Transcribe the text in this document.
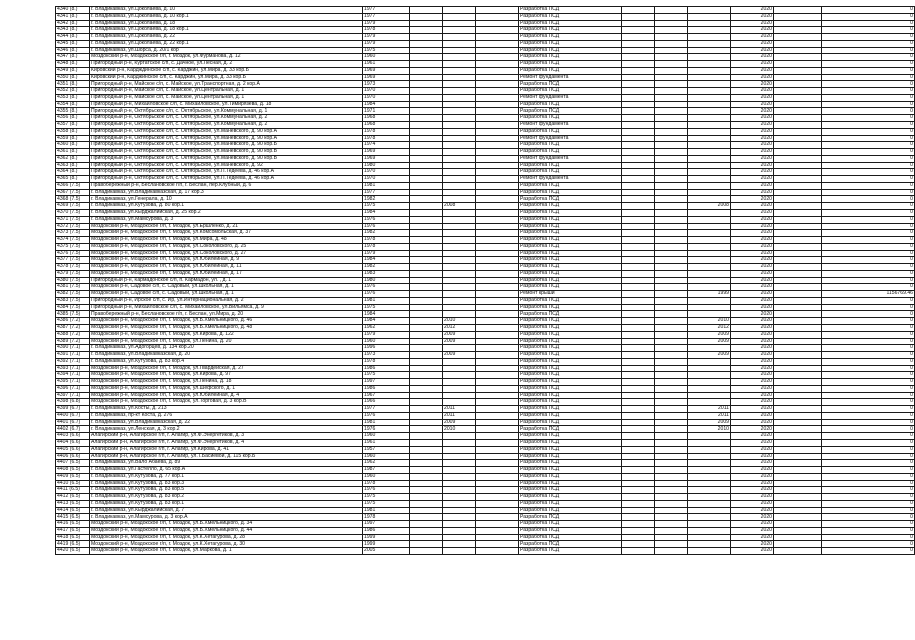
4340 (8.)	г. Владикавказ, ул.Цоколаева, д. 10	1977				Разработка ПСД				2020		0
4341 (8.)	г. Владикавказ, ул.Цоколаева, д. 10 кор.1	1977				Разработка ПСД				2020		0
4342 (8.)	г. Владикавказ, ул.Цоколаева, д. 18	1979				Разработка ПСД				2020		0
4343 (8.)	г. Владикавказ, ул.Цоколаева, д. 18 кор.1	1978				Разработка ПСД				2020		0
4344 (8.)	г. Владикавказ, ул.Цоколаева, д. 22	1979				Разработка ПСД				2020		0
4345 (8.)	г. Владикавказ, ул.Цоколаева, д. 22 кор.1	1979				Разработка ПСД				2020		0
4346 (8.)	г. Владикавказ, ул.Шорса, д. 20/1 кор	1975				Разработка ПСД				2020		0
4347 (8.)	Моздокский р-н, Моздокское г/п, г. Моздок, ул.Фурманова, д. 12	1960				Разработка ПСД				2020		0
4348 (8.)	Пригородный р-н, Куртатское с/п, с. Дачное, ул.Лесная, д. 2	1961				Разработка ПСД				2020		0
4349 (8.)	Кировский р-н, Кардждинское с/п, с. Карджин, ул.Мира, д. 33 кор.Б	1969				Разработка ПСД				2020		0
4350 (8.)	Кировский р-н, Карджинское с/п, с. Карджин, ул.Мира, д. 33 кор.Б	1969				Ремонт фундамента				2020		0
4351 (8.)	Пригородный р-н, Майское с/п, с. Майское, ул.Транспортная, д. 2 кор.А	1973				Разработка ПСД				2020		0
4352 (8.)	Пригородный р-н, Майское с/п, с. Майское, ул.Центральная, д. 1	1970				Разработка ПСД				2020		0
4353 (8.)	Пригородный р-н, Майское с/п, с. Майское, ул.Центральная, д. 1	1970				Ремонт фундамента				2020		0
4354 (8.)	Пригородный р-н, Михайловское с/п, с. Михайловское, ул.Тимирязева, д. 18	1984				Разработка ПСД				2020		0
4355 (8.)	Пригородный р-н, Октябрьское с/п, с. Октябрьское, ул.Коммунальная, д. 1	1971				Разработка ПСД				2020		0
4356 (8.)	Пригородный р-н, Октябрьское с/п, с. Октябрьское, ул.Коммунальная, д. 2	1968				Разработка ПСД				2020		0
4357 (8.)	Пригородный р-н, Октябрьское с/п, с. Октябрьское, ул.Коммунальная, д. 2	1968				Ремонт фундамента				2020		0
4358 (8.)	Пригородный р-н, Октябрьское с/п, с. Октябрьское, ул.Маневского, д. 90 кор.А	1978				Разработка ПСД				2020		0
4359 (8.)	Пригородный р-н, Октябрьское с/п, с. Октябрьское, ул.Маневского, д. 90 кор.А	1978				Ремонт фундамента				2020		0
4360 (8.)	Пригородный р-н, Октябрьское с/п, с. Октябрьское, ул.Маневского, д. 90 кор.Б	1974				Разработка ПСД				2020		0
4361 (8.)	Пригородный р-н, Октябрьское с/п, с. Октябрьское, ул.Маневского, д. 90 кор.В	1969				Разработка ПСД				2020		0
4362 (8.)	Пригородный р-н, Октябрьское с/п, с. Октябрьское, ул.Маневского, д. 90 кор.В	1969				Ремонт фундамента				2020		0
4363 (8.)	Пригородный р-н, Октябрьское с/п, с. Октябрьское, ул.Маневского, д. 92	1980				Разработка ПСД				2020		0
4364 (8.)	Пригородный р-н, Октябрьское с/п, с. Октябрьское, ул.П.Тедеева, д. 46 кор.А	1970				Разработка ПСД				2020		0
4365 (8.)	Пригородный р-н, Октябрьское с/п, с. Октябрьское, ул.П.Тедеева, д. 46 кор.А	1970				Ремонт фундамента				2020		0
4366 (7.5)	Правобережный р-н, Беслановское г/п, г. Беслан, пер.Клубный, д. 6	1981				Разработка ПСД				2020		0
4367 (7.5)	г. Владикавказ, ул.Владикавказская, д. 17 кор.3	1977				Разработка ПСД				2020		0
4368 (7.5)	г. Владикавказ, ул.Генерала, д. 10	1982				Разработка ПСД				2020		0
4369 (7.5)	г. Владикавказ, ул.Кутузова, д. 80 кор.1	1975		2008		Разработка ПСД			2008	2020		0
4370 (7.5)	г. Владикавказ, ул.Кырджалийская, д. 25 кор.2	1984				Разработка ПСД				2020		0
4371 (7.5)	г. Владикавказ, ул.Мамсурова, д. 3	1976				Разработка ПСД				2020		0
4372 (7.5)	Моздокский р-н, Моздокское г/п, г. Моздок, ул.Ершленко, д. 21	1976				Разработка ПСД				2020		0
4373 (7.5)	Моздокский р-н, Моздокское г/п, г. Моздок, ул.Комсомольская, д. 37	1982				Разработка ПСД				2020		0
4374 (7.5)	Моздокский р-н, Моздокское г/п, г. Моздок, ул.Мира, д. 48	1978				Разработка ПСД				2020		0
4375 (7.5)	Моздокский р-н, Моздокское г/п, г. Моздок, ул.Соколовского, д. 25	1978				Разработка ПСД				2020		0
4376 (7.5)	Моздокский р-н, Моздокское г/п, г. Моздок, ул.Соколовского, д. 27	1979				Разработка ПСД				2020		0
4377 (7.5)	Моздокский р-н, Моздокское г/п, г. Моздок, ул.Юбилейная, д. 9	1984				Разработка ПСД				2020		0
4378 (7.5)	Моздокский р-н, Моздокское г/п, г. Моздок, ул.Юбилейная, д. 11	1982				Разработка ПСД				2020		0
4379 (7.5)	Моздокский р-н, Моздокское г/п, г. Моздок, ул.Юбилейная, д. 17	1983				Разработка ПСД				2020		0
4380 (7.5)	Пригородный р-н, Кармадонское с/п, п. Кармадон, ул. , д. 1	1980				Разработка ПСД				2020		0
4381 (7.5)	Моздокский р-н, Садовое с/п, с. Садовый, ул.Школьная, д. 1	1976				Разработка ПСД				2020		0
4382 (7.5)	Моздокский р-н, Садовое с/п, с. Садовый, ул.Школьная, д. 1	1976				Ремонт крыши			1999	2020		1156769.46
4383 (7.5)	Пригородный р-н, Ирское с/п, с. Ир, ул.Интернациональная, д. 2	1981				Разработка ПСД				2020		0
4384 (7.5)	Пригородный р-н, Михайловское с/п, с. Михайловское, ул.Вильямса, д. 9	1975				Разработка ПСД				2020		0
4385 (7.5)	Правобережный р-н, Беслановское г/п, г. Беслан, ул.Мира, д. 20	1984				Разработка ПСД				2020		0
4386 (7.2)	Моздокский р-н, Моздокское г/п, г. Моздок, ул.Б.Хмельницкого, д. 46	1984		2010		Разработка ПСД			2010	2020		0
4387 (7.2)	Моздокский р-н, Моздокское г/п, г. Моздок, ул.Б.Хмельницкого, д. 48	1962		2012		Разработка ПСД			2012	2020		0
4388 (7.2)	Моздокский р-н, Моздокское г/п, г. Моздок, ул.Кирова, д. 122	1979		2009		Разработка ПСД			2009	2020		0
4389 (7.2)	Моздокский р-н, Моздокское г/п, г. Моздок, ул.Ленина, д. 20	1960		2009		Разработка ПСД			2009	2020		0
4390 (7.1)	г. Владикавказ, ул.Адогорцев, д. 134 кор.20	1996				Разработка ПСД				2020		0
4391 (7.1)	г. Владикавказ, ул.Владикавказская, д. 20	1973		2009		Разработка ПСД			2009	2020		0
4392 (7.1)	г. Владикавказ, ул.Кутузова, д. 83 кор.4	1978				Разработка ПСД				2020		0
4393 (7.1)	Моздокский р-н, Моздокское г/п, г. Моздок, ул.Гвардейская, д. 27	1986				Разработка ПСД				2020		0
4394 (7.1)	Моздокский р-н, Моздокское г/п, г. Моздок, ул.Кирова, д. 97	1975				Разработка ПСД				2020		0
4395 (7.1)	Моздокский р-н, Моздокское г/п, г. Моздок, ул.Ленина, д. 18	1997				Разработка ПСД				2020		0
4396 (7.1)	Моздокский р-н, Моздокское г/п, г. Моздок, ул.Шефского, д. 1	1986				Разработка ПСД				2020		0
4397 (7.1)	Моздокский р-н, Моздокское г/п, г. Моздок, ул.Юбилейная, д. 4	1967				Разработка ПСД				2020		0
4398 (6.8)	Моздокский р-н, Моздокское г/п, г. Моздок, ул.Торговая, д. 3 кор.В	1966				Разработка ПСД				2020		0
4399 (6.7)	г. Владикавказ, ул.Косты, д. 213	1977		2011		Разработка ПСД			2011	2020		0
4400 (6.7)	г. Владикавказ, пр-кт Коста, д. 276	1976		2011		Разработка ПСД			2011	2020		0
4401 (6.7)	г. Владикавказ, ул.Владикавказская, д. 22	1981		2009		Разработка ПСД			2009	2020		0
4402 (6.7)	г. Владикавказ, ул.Ленская, д. 3 кор.2	1976		2010		Разработка ПСД			2010	2020		0
4403 (6.6)	Алагирский р-н, Алагирское г/п, г. Алагир, ул.Ф.Энергетиков, д. 3	1960				Разработка ПСД				2020		0
4404 (6.6)	Алагирский р-н, Алагирское г/п, г. Алагир, ул.Ф.Энергетиков, д. 4	1961				Разработка ПСД				2020		0
4405 (6.6)	Алагирский р-н, Алагирское г/п, г. Алагир, ул.Кирова, д. 41	1957				Разработка ПСД				2020		0
4406 (6.6)	Алагирский р-н, Алагирское г/п, г. Алагир, ул.Т.Басиевой, д. 115 кор.Б	1960				Разработка ПСД				2020		0
4407 (6.5)	г. Владикавказ, ул.Вало Абаева, д. 89	1962				Разработка ПСД				2020		0
4408 (6.5)	г. Владикавказ, ул.Гастелло, д. 65 кор.А	1987				Разработка ПСД				2020		0
4409 (6.5)	г. Владикавказ, ул.Кутузова, д. 77 кор.1	1960				Разработка ПСД				2020		0
4410 (6.5)	г. Владикавказ, ул.Кутузова, д. 83 кор.3	1978				Разработка ПСД				2020		0
4411 (6.5)	г. Владикавказ, ул.Кутузова, д. 83 кор.5	1976				Разработка ПСД				2020		0
4412 (6.5)	г. Владикавказ, ул.Кутузова, д. 83 кор.2	1975				Разработка ПСД				2020		0
4413 (6.5)	г. Владикавказ, ул.Кутузова, д. 83 кор.1	1975				Разработка ПСД				2020		0
4414 (6.5)	г. Владикавказ, ул.Кырджалийская, д. 7	1981				Разработка ПСД				2020		0
4415 (6.5)	г. Владикавказ, ул.Мамсурова, д. 3 кор.А	1978				Разработка ПСД				2020		0
4416 (6.5)	Моздокский р-н, Моздокское г/п, г. Моздок, ул.Б.Хмельницкого, д. 34	1997				Разработка ПСД				2020		0
4417 (6.5)	Моздокский р-н, Моздокское г/п, г. Моздок, ул.Б.Хмельницкого, д. 44	1986				Разработка ПСД				2020		0
4418 (6.5)	Моздокский р-н, Моздокское г/п, г. Моздок, ул.К.Хетагурова, д. 28	1999				Разработка ПСД				2020		0
4419 (6.5)	Моздокский р-н, Моздокское г/п, г. Моздок, ул.К.Хетагурова, д. 30	1999				Разработка ПСД				2020		0
4420 (6.5)	Моздокский р-н, Моздокское г/п, г. Моздок, ул.Маркова, д. 1	2005				Разработка ПСД				2020		0
